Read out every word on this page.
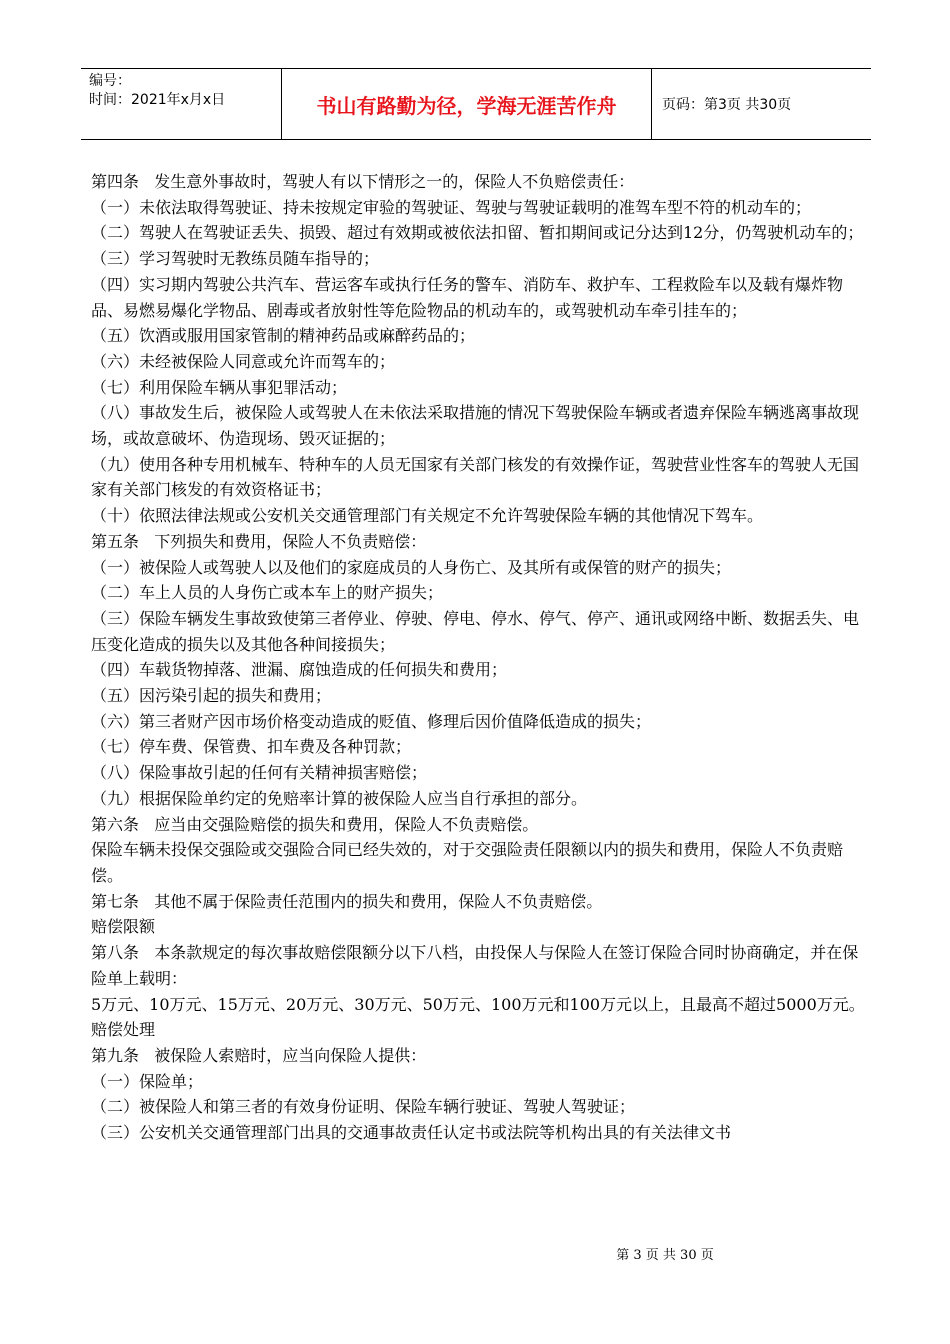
编号：
时间：2021年x月x日	书山有路勤为径，学海无涯苦作舟	页码：第3页 共30页

第四条   发生意外事故时，驾驶人有以下情形之一的，保险人不负赔偿责任：

（一）未依法取得驾驶证、持未按规定审验的驾驶证、驾驶与驾驶证载明的准驾车型不符的机动车的；

（二）驾驶人在驾驶证丢失、损毁、超过有效期或被依法扣留、暂扣期间或记分达到12分，仍驾驶机动车的；

（三）学习驾驶时无教练员随车指导的；

（四）实习期内驾驶公共汽车、营运客车或执行任务的警车、消防车、救护车、工程救险车以及载有爆炸物品、易燃易爆化学物品、剧毒或者放射性等危险物品的机动车的，或驾驶机动车牵引挂车的；

（五）饮酒或服用国家管制的精神药品或麻醉药品的；

（六）未经被保险人同意或允许而驾车的；

（七）利用保险车辆从事犯罪活动；

（八）事故发生后，被保险人或驾驶人在未依法采取措施的情况下驾驶保险车辆或者遗弃保险车辆逃离事故现场，或故意破坏、伪造现场、毁灭证据的；

（九）使用各种专用机械车、特种车的人员无国家有关部门核发的有效操作证，驾驶营业性客车的驾驶人无国家有关部门核发的有效资格证书；

（十）依照法律法规或公安机关交通管理部门有关规定不允许驾驶保险车辆的其他情况下驾车。

第五条   下列损失和费用，保险人不负责赔偿：

（一）被保险人或驾驶人以及他们的家庭成员的人身伤亡、及其所有或保管的财产的损失；

（二）车上人员的人身伤亡或本车上的财产损失；

（三）保险车辆发生事故致使第三者停业、停驶、停电、停水、停气、停产、通讯或网络中断、数据丢失、电压变化造成的损失以及其他各种间接损失；

（四）车载货物掉落、泄漏、腐蚀造成的任何损失和费用；

（五）因污染引起的损失和费用；

（六）第三者财产因市场价格变动造成的贬值、修理后因价值降低造成的损失；

（七）停车费、保管费、扣车费及各种罚款；

（八）保险事故引起的任何有关精神损害赔偿；

（九）根据保险单约定的免赔率计算的被保险人应当自行承担的部分。

第六条   应当由交强险赔偿的损失和费用，保险人不负责赔偿。

保险车辆未投保交强险或交强险合同已经失效的，对于交强险责任限额以内的损失和费用，保险人不负责赔偿。

第七条   其他不属于保险责任范围内的损失和费用，保险人不负责赔偿。

赔偿限额

第八条   本条款规定的每次事故赔偿限额分以下八档，由投保人与保险人在签订保险合同时协商确定，并在保险单上载明：

5万元、10万元、15万元、20万元、30万元、50万元、100万元和100万元以上，且最高不超过5000万元。

赔偿处理

第九条   被保险人索赔时，应当向保险人提供：

（一）保险单；

（二）被保险人和第三者的有效身份证明、保险车辆行驶证、驾驶人驾驶证；

（三）公安机关交通管理部门出具的交通事故责任认定书或法院等机构出具的有关法律文书

第 3 页 共 30 页
